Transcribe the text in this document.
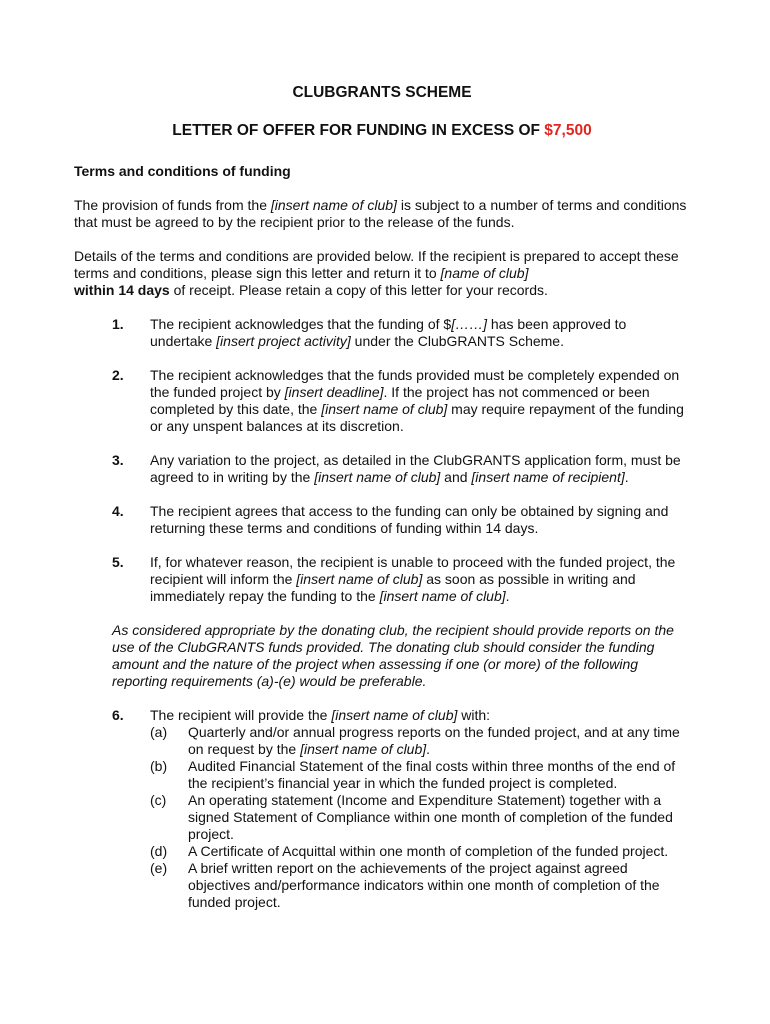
CLUBGRANTS SCHEME
LETTER OF OFFER FOR FUNDING IN EXCESS OF $7,500
Terms and conditions of funding

The provision of funds from the [insert name of club] is subject to a number of terms and conditions that must be agreed to by the recipient prior to the release of the funds.

Details of the terms and conditions are provided below. If the recipient is prepared to accept these terms and conditions, please sign this letter and return it to [name of club]
within 14 days of receipt. Please retain a copy of this letter for your records.

1.	The recipient acknowledges that the funding of $[……] has been approved to undertake [insert project activity] under the ClubGRANTS Scheme.
2.	The recipient acknowledges that the funds provided must be completely expended on the funded project by [insert deadline]. If the project has not commenced or been completed by this date, the [insert name of club] may require repayment of the funding or any unspent balances at its discretion.
3.	Any variation to the project, as detailed in the ClubGRANTS application form, must be agreed to in writing by the [insert name of club] and [insert name of recipient].
4.	The recipient agrees that access to the funding can only be obtained by signing and returning these terms and conditions of funding within 14 days.
5.	If, for whatever reason, the recipient is unable to proceed with the funded project, the recipient will inform the [insert name of club] as soon as possible in writing and immediately repay the funding to the [insert name of club].
As considered appropriate by the donating club, the recipient should provide reports on the use of the ClubGRANTS funds provided. The donating club should consider the funding amount and the nature of the project when assessing if one (or more) of the following reporting requirements (a)-(e) would be preferable.
6.	The recipient will provide the [insert name of club] with:
(a)	Quarterly and/or annual progress reports on the funded project, and at any time on request by the [insert name of club].
(b)	Audited Financial Statement of the final costs within three months of the end of the recipient’s financial year in which the funded project is completed.
(c)	An operating statement (Income and Expenditure Statement) together with a signed Statement of Compliance within one month of completion of the funded project.
(d)	A Certificate of Acquittal within one month of completion of the funded project.
(e)	A brief written report on the achievements of the project against agreed objectives and/performance indicators within one month of completion of the funded project.
